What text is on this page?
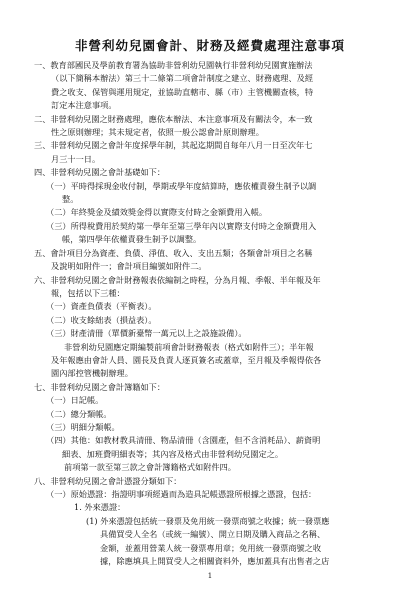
非營利幼兒園會計、財務及經費處理注意事項
一、教育部國民及學前教育署為協助非營利幼兒園執行非營利幼兒園實施辦法
（以下簡稱本辦法）第三十二條第二項會計制度之建立、財務處理、及經
費之收支、保管與運用規定，並協助直轄市、縣（市）主管機關查核，特
訂定本注意事項。
二、非營利幼兒園之財務處理，應依本辦法、本注意事項及有關法令，本一致
性之原則辦理；其未規定者，依照一般公認會計原則辦理。
三、非營利幼兒園之會計年度採學年制，其起迄期間自每年八月一日至次年七
月三十一日。
四、非營利幼兒園之會計基礎如下：
（一）平時得採現金收付制，學期或學年度結算時，應依權責發生制予以調
整。
（二）年終獎金及績效獎金得以實際支付時之金額費用入帳。
（三）所得稅費用於契約第一學年至第三學年內以實際支付時之金額費用入
帳，第四學年依權責發生制予以調整。
五、會計項目分為資產、負債、淨值、收入、支出五類；各類會計項目之名稱
及說明如附件一；會計項目編號如附件二。
六、非營利幼兒園之會計財務報表依編制之時程，分為月報、季報、半年報及年
報，包括以下三種：
（一）資產負債表（平衡表）。
（二）收支餘絀表（損益表）。
（三）財產清冊（單價新臺幣一萬元以上之設施設備）。
非營利幼兒園應定期編製前項會計財務報表（格式如附件三）；半年報
及年報應由會計人員、園長及負責人逐頁簽名或蓋章，至月報及季報得依各
園內部控管機制辦理。
七、非營利幼兒園之會計簿籍如下：
（一）日記帳。
（二）總分類帳。
（三）明細分類帳。
（四）其他：如教材教具清冊、物品清冊（含園產，但不含消耗品）、薪資明
細表、加班費明細表等；其內容及格式由非營利幼兒園定之。
前項第一款至第三款之會計簿籍格式如附件四。
八、非營利幼兒園之會計憑證分類如下：
（一）原始憑證：指證明事項經過而為造具記帳憑證所根據之憑證，包括：
1. 外來憑證：
(1) 外來憑證包括統一發票及免用統一發票商號之收據；統一發票應
具備買受人全名（或統一編號）、開立日期及購入商品之名稱、
金額，並蓋用營業人統一發票專用章；免用統一發票商號之收
據，除應填具上開買受人之相關資料外，應加蓋具有出售者之店
1
